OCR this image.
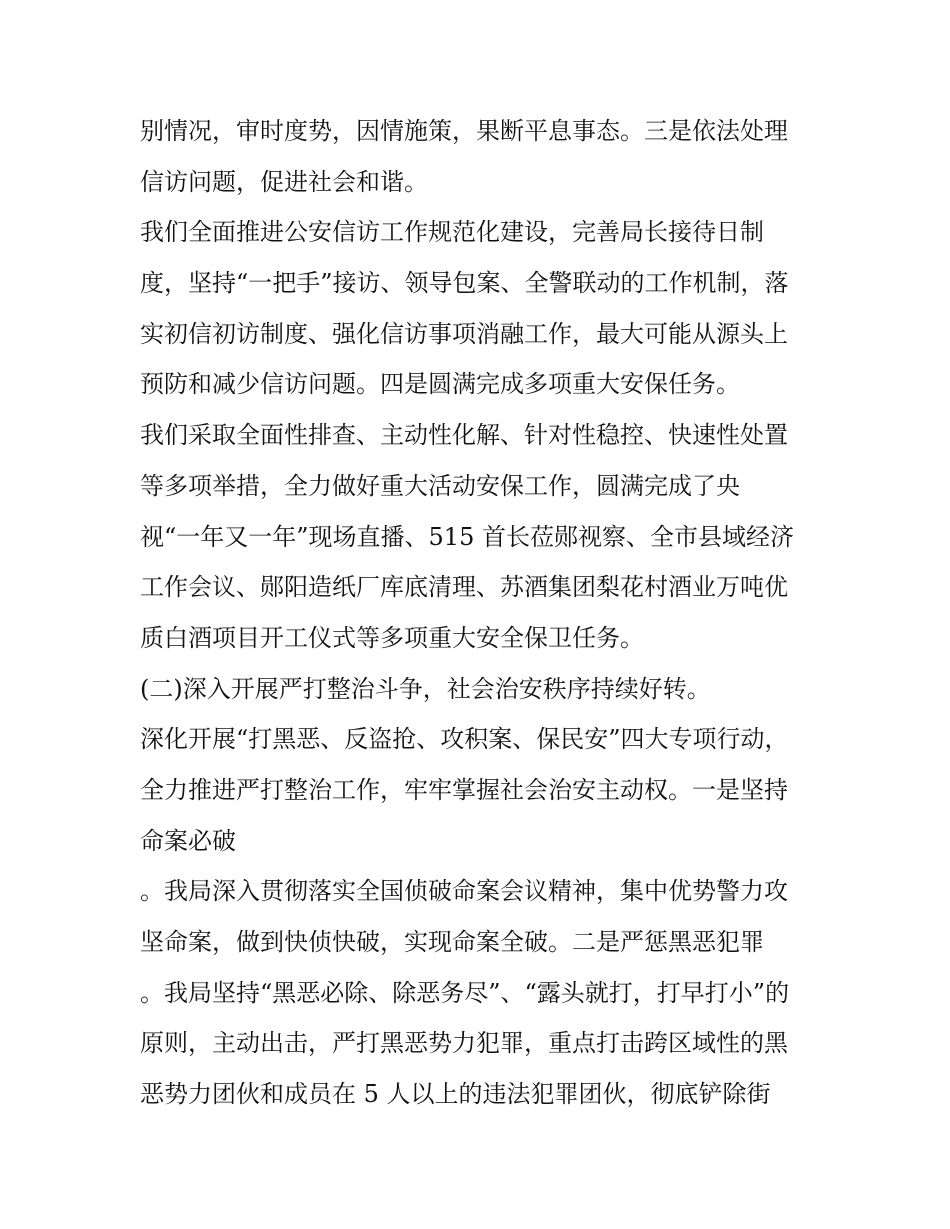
别情况，审时度势，因情施策，果断平息事态。三是依法处理
信访问题，促进社会和谐。
我们全面推进公安信访工作规范化建设，完善局长接待日制
度，坚持“一把手”接访、领导包案、全警联动的工作机制，落
实初信初访制度、强化信访事项消融工作，最大可能从源头上
预防和减少信访问题。四是圆满完成多项重大安保任务。
我们采取全面性排查、主动性化解、针对性稳控、快速性处置
等多项举措，全力做好重大活动安保工作，圆满完成了央
视“一年又一年”现场直播、515 首长莅郧视察、全市县域经济
工作会议、郧阳造纸厂库底清理、苏酒集团梨花村酒业万吨优
质白酒项目开工仪式等多项重大安全保卫任务。
(二)深入开展严打整治斗争，社会治安秩序持续好转。
深化开展“打黑恶、反盗抢、攻积案、保民安”四大专项行动，
全力推进严打整治工作，牢牢掌握社会治安主动权。一是坚持
命案必破
。我局深入贯彻落实全国侦破命案会议精神，集中优势警力攻
坚命案，做到快侦快破，实现命案全破。二是严惩黑恶犯罪
。我局坚持“黑恶必除、除恶务尽”、“露头就打，打早打小”的
原则，主动出击，严打黑恶势力犯罪，重点打击跨区域性的黑
恶势力团伙和成员在 5 人以上的违法犯罪团伙，彻底铲除街
